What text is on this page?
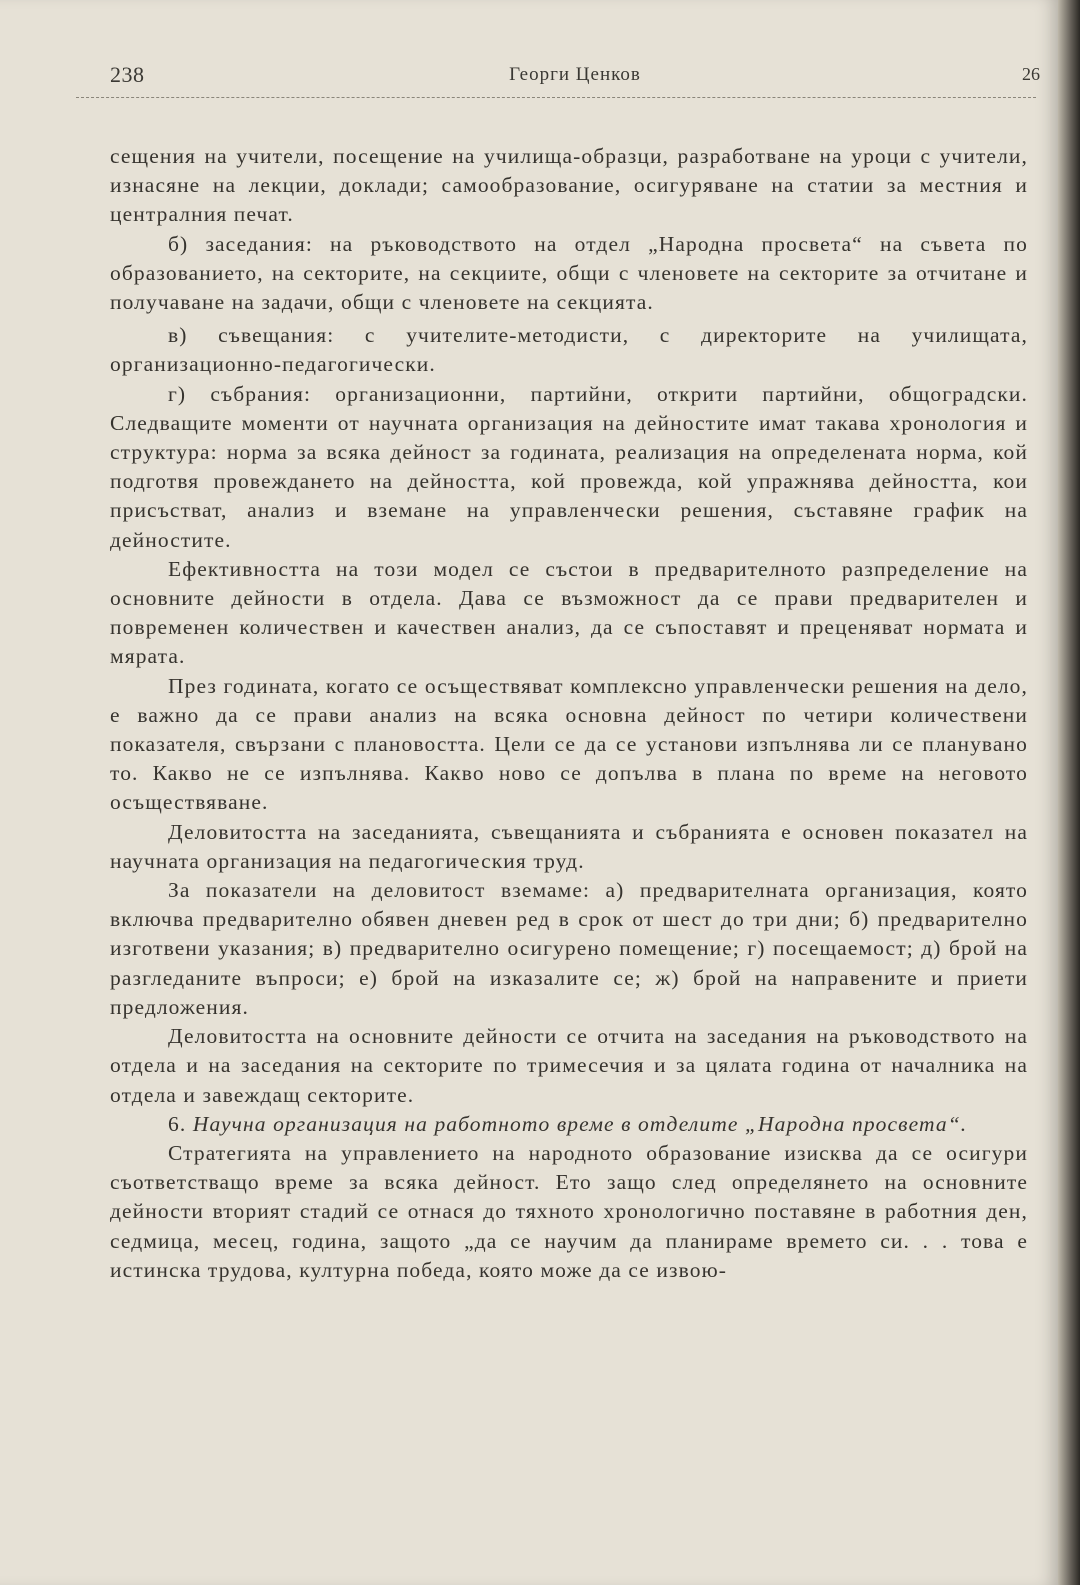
238	Георги Ценков	26

сещения на учители, посещение на училища-образци, разработване на уроци с учители, изнасяне на лекции, доклади; самообразование, осигуряване на статии за местния и централния печат.

б) заседания: на ръководството на отдел „Народна просвета“ на съвета по образованието, на секторите, на секциите, общи с членовете на секторите за отчитане и получаване на задачи, общи с членовете на секцията.

в) съвещания: с учителите-методисти, с директорите на училищата, организационно-педагогически.

г) събрания: организационни, партийни, открити партийни, общоградски. Следващите моменти от научната организация на дейностите имат такава хронология и структура: норма за всяка дейност за годината, реализация на определената норма, кой подготвя провеждането на дейността, кой провежда, кой упражнява дейността, кои присъстват, анализ и вземане на управленчески решения, съставяне график на дейностите.

Ефективността на този модел се състои в предварителното разпределение на основните дейности в отдела. Дава се възможност да се прави предварителен и повременен количествен и качествен анализ, да се съпоставят и преценяват нормата и мярата.

През годината, когато се осъществяват комплексно управленчески решения на дело, е важно да се прави анализ на всяка основна дейност по четири количествени показателя, свързани с плановостта. Цели се да се установи изпълнява ли се планувано то. Какво не се изпълнява. Какво ново се допълва в плана по време на неговото осъществяване.

Деловитостта на заседанията, съвещанията и събранията е основен показател на научната организация на педагогическия труд.

За показатели на деловитост вземаме: а) предварителната организация, която включва предварително обявен дневен ред в срок от шест до три дни; б) предварително изготвени указания; в) предварително осигурено помещение; г) посещаемост; д) брой на разгледаните въпроси; е) брой на изказалите се; ж) брой на направените и приети предложения.

Деловитостта на основните дейности се отчита на заседания на ръководството на отдела и на заседания на секторите по тримесечия и за цялата година от началника на отдела и завеждащ секторите.

6. Научна организация на работното време в отделите „Народна просвета“.

Стратегията на управлението на народното образование изисква да се осигури съответстващо време за всяка дейност. Ето защо след определянето на основните дейности вторият стадий се отнася до тяхното хронологично поставяне в работния ден, седмица, месец, година, защото „да се научим да планираме времето си. . . това е истинска трудова, културна победа, която може да се извою-
